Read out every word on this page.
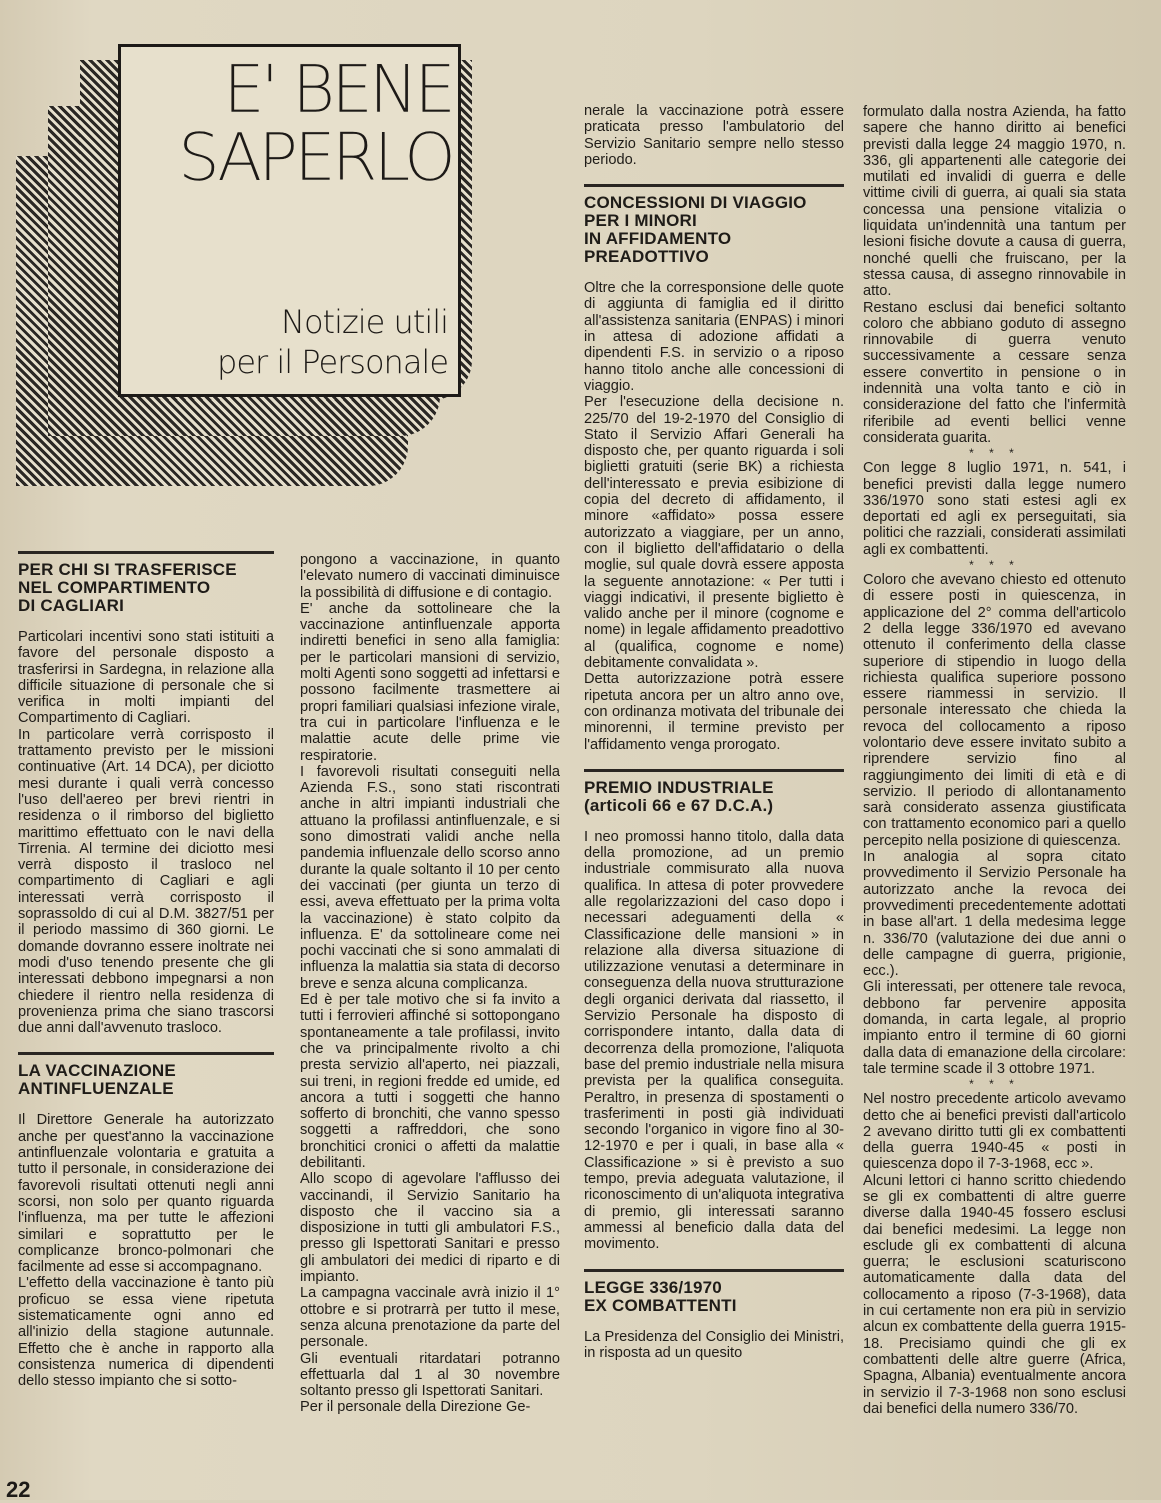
E' BENE
SAPERLO
Notizie utili
per il Personale
PER CHI SI TRASFERISCE
NEL COMPARTIMENTO
DI CAGLIARI

Particolari incentivi sono stati istituiti a favore del personale disposto a trasferirsi in Sardegna, in relazione alla difficile situazione di personale che si verifica in molti impianti del Compartimento di Cagliari.

In particolare verrà corrisposto il trattamento previsto per le missioni continuative (Art. 14 DCA), per diciotto mesi durante i quali verrà concesso l'uso dell'aereo per brevi rientri in residenza o il rimborso del biglietto marittimo effettuato con le navi della Tirrenia. Al termine dei diciotto mesi verrà disposto il trasloco nel compartimento di Cagliari e agli interessati verrà corrisposto il soprassoldo di cui al D.M. 3827/51 per il periodo massimo di 360 giorni. Le domande dovranno essere inoltrate nei modi d'uso tenendo presente che gli interessati debbono impegnarsi a non chiedere il rientro nella residenza di provenienza prima che siano trascorsi due anni dall'avvenuto trasloco.

LA VACCINAZIONE
ANTINFLUENZALE

Il Direttore Generale ha autorizzato anche per quest'anno la vaccinazione antinfluenzale volontaria e gratuita a tutto il personale, in considerazione dei favorevoli risultati ottenuti negli anni scorsi, non solo per quanto riguarda l'influenza, ma per tutte le affezioni similari e soprattutto per le complicanze bronco-polmonari che facilmente ad esse si accompagnano.

L'effetto della vaccinazione è tanto più proficuo se essa viene ripetuta sistematicamente ogni anno ed all'inizio della stagione autunnale. Effetto che è anche in rapporto alla consistenza numerica di dipendenti dello stesso impianto che si sotto-

pongono a vaccinazione, in quanto l'elevato numero di vaccinati diminuisce la possibilità di diffusione e di contagio.

E' anche da sottolineare che la vaccinazione antinfluenzale apporta indiretti benefici in seno alla famiglia: per le particolari mansioni di servizio, molti Agenti sono soggetti ad infettarsi e possono facilmente trasmettere ai propri familiari qualsiasi infezione virale, tra cui in particolare l'influenza e le malattie acute delle prime vie respiratorie.

I favorevoli risultati conseguiti nella Azienda F.S., sono stati riscontrati anche in altri impianti industriali che attuano la profilassi antinfluenzale, e si sono dimostrati validi anche nella pandemia influenzale dello scorso anno durante la quale soltanto il 10 per cento dei vaccinati (per giunta un terzo di essi, aveva effettuato per la prima volta la vaccinazione) è stato colpito da influenza. E' da sottolineare come nei pochi vaccinati che si sono ammalati di influenza la malattia sia stata di decorso breve e senza alcuna complicanza.

Ed è per tale motivo che si fa invito a tutti i ferrovieri affinché si sottopongano spontaneamente a tale profilassi, invito che va principalmente rivolto a chi presta servizio all'aperto, nei piazzali, sui treni, in regioni fredde ed umide, ed ancora a tutti i soggetti che hanno sofferto di bronchiti, che vanno spesso soggetti a raffreddori, che sono bronchitici cronici o affetti da malattie debilitanti.

Allo scopo di agevolare l'afflusso dei vaccinandi, il Servizio Sanitario ha disposto che il vaccino sia a disposizione in tutti gli ambulatori F.S., presso gli Ispettorati Sanitari e presso gli ambulatori dei medici di riparto e di impianto.

La campagna vaccinale avrà inizio il 1° ottobre e si protrarrà per tutto il mese, senza alcuna prenotazione da parte del personale.

Gli eventuali ritardatari potranno effettuarla dal 1 al 30 novembre soltanto presso gli Ispettorati Sanitari.

Per il personale della Direzione Ge-

nerale la vaccinazione potrà essere praticata presso l'ambulatorio del Servizio Sanitario sempre nello stesso periodo.

CONCESSIONI DI VIAGGIO
PER I MINORI
IN AFFIDAMENTO
PREADOTTIVO

Oltre che la corresponsione delle quote di aggiunta di famiglia ed il diritto all'assistenza sanitaria (ENPAS) i minori in attesa di adozione affidati a dipendenti F.S. in servizio o a riposo hanno titolo anche alle concessioni di viaggio.

Per l'esecuzione della decisione n. 225/70 del 19-2-1970 del Consiglio di Stato il Servizio Affari Generali ha disposto che, per quanto riguarda i soli biglietti gratuiti (serie BK) a richiesta dell'interessato e previa esibizione di copia del decreto di affidamento, il minore «affidato» possa essere autorizzato a viaggiare, per un anno, con il biglietto dell'affidatario o della moglie, sul quale dovrà essere apposta la seguente annotazione: « Per tutti i viaggi indicativi, il presente biglietto è valido anche per il minore (cognome e nome) in legale affidamento preadottivo al (qualifica, cognome e nome) debitamente convalidata ».

Detta autorizzazione potrà essere ripetuta ancora per un altro anno ove, con ordinanza motivata del tribunale dei minorenni, il termine previsto per l'affidamento venga prorogato.

PREMIO INDUSTRIALE
(articoli 66 e 67 D.C.A.)

I neo promossi hanno titolo, dalla data della promozione, ad un premio industriale commisurato alla nuova qualifica. In attesa di poter provvedere alle regolarizzazioni del caso dopo i necessari adeguamenti della « Classificazione delle mansioni » in relazione alla diversa situazione di utilizzazione venutasi a determinare in conseguenza della nuova strutturazione degli organici derivata dal riassetto, il Servizio Personale ha disposto di corrispondere intanto, dalla data di decorrenza della promozione, l'aliquota base del premio industriale nella misura prevista per la qualifica conseguita. Peraltro, in presenza di spostamenti o trasferimenti in posti già individuati secondo l'organico in vigore fino al 30-12-1970 e per i quali, in base alla « Classificazione » si è previsto a suo tempo, previa adeguata valutazione, il riconoscimento di un'aliquota integrativa di premio, gli interessati saranno ammessi al beneficio dalla data del movimento.

LEGGE 336/1970
EX COMBATTENTI

La Presidenza del Consiglio dei Ministri, in risposta ad un quesito

formulato dalla nostra Azienda, ha fatto sapere che hanno diritto ai benefici previsti dalla legge 24 maggio 1970, n. 336, gli appartenenti alle categorie dei mutilati ed invalidi di guerra e delle vittime civili di guerra, ai quali sia stata concessa una pensione vitalizia o liquidata un'indennità una tantum per lesioni fisiche dovute a causa di guerra, nonché quelli che fruiscano, per la stessa causa, di assegno rinnovabile in atto.

Restano esclusi dai benefici soltanto coloro che abbiano goduto di assegno rinnovabile di guerra venuto successivamente a cessare senza essere convertito in pensione o in indennità una volta tanto e ciò in considerazione del fatto che l'infermità riferibile ad eventi bellici venne considerata guarita.

* * *

Con legge 8 luglio 1971, n. 541, i benefici previsti dalla legge numero 336/1970 sono stati estesi agli ex deportati ed agli ex perseguitati, sia politici che razziali, considerati assimilati agli ex combattenti.

* * *

Coloro che avevano chiesto ed ottenuto di essere posti in quiescenza, in applicazione del 2° comma dell'articolo 2 della legge 336/1970 ed avevano ottenuto il conferimento della classe superiore di stipendio in luogo della richiesta qualifica superiore possono essere riammessi in servizio. Il personale interessato che chieda la revoca del collocamento a riposo volontario deve essere invitato subito a riprendere servizio fino al raggiungimento dei limiti di età e di servizio. Il periodo di allontanamento sarà considerato assenza giustificata con trattamento economico pari a quello percepito nella posizione di quiescenza.

In analogia al sopra citato provvedimento il Servizio Personale ha autorizzato anche la revoca dei provvedimenti precedentemente adottati in base all'art. 1 della medesima legge n. 336/70 (valutazione dei due anni o delle campagne di guerra, prigionie, ecc.).

Gli interessati, per ottenere tale revoca, debbono far pervenire apposita domanda, in carta legale, al proprio impianto entro il termine di 60 giorni dalla data di emanazione della circolare: tale termine scade il 3 ottobre 1971.

* * *

Nel nostro precedente articolo avevamo detto che ai benefici previsti dall'articolo 2 avevano diritto tutti gli ex combattenti della guerra 1940-45 « posti in quiescenza dopo il 7-3-1968, ecc ».

Alcuni lettori ci hanno scritto chiedendo se gli ex combattenti di altre guerre diverse dalla 1940-45 fossero esclusi dai benefici medesimi. La legge non esclude gli ex combattenti di alcuna guerra; le esclusioni scaturiscono automaticamente dalla data del collocamento a riposo (7-3-1968), data in cui certamente non era più in servizio alcun ex combattente della guerra 1915-18. Precisiamo quindi che gli ex combattenti delle altre guerre (Africa, Spagna, Albania) eventualmente ancora in servizio il 7-3-1968 non sono esclusi dai benefici della numero 336/70.

22
